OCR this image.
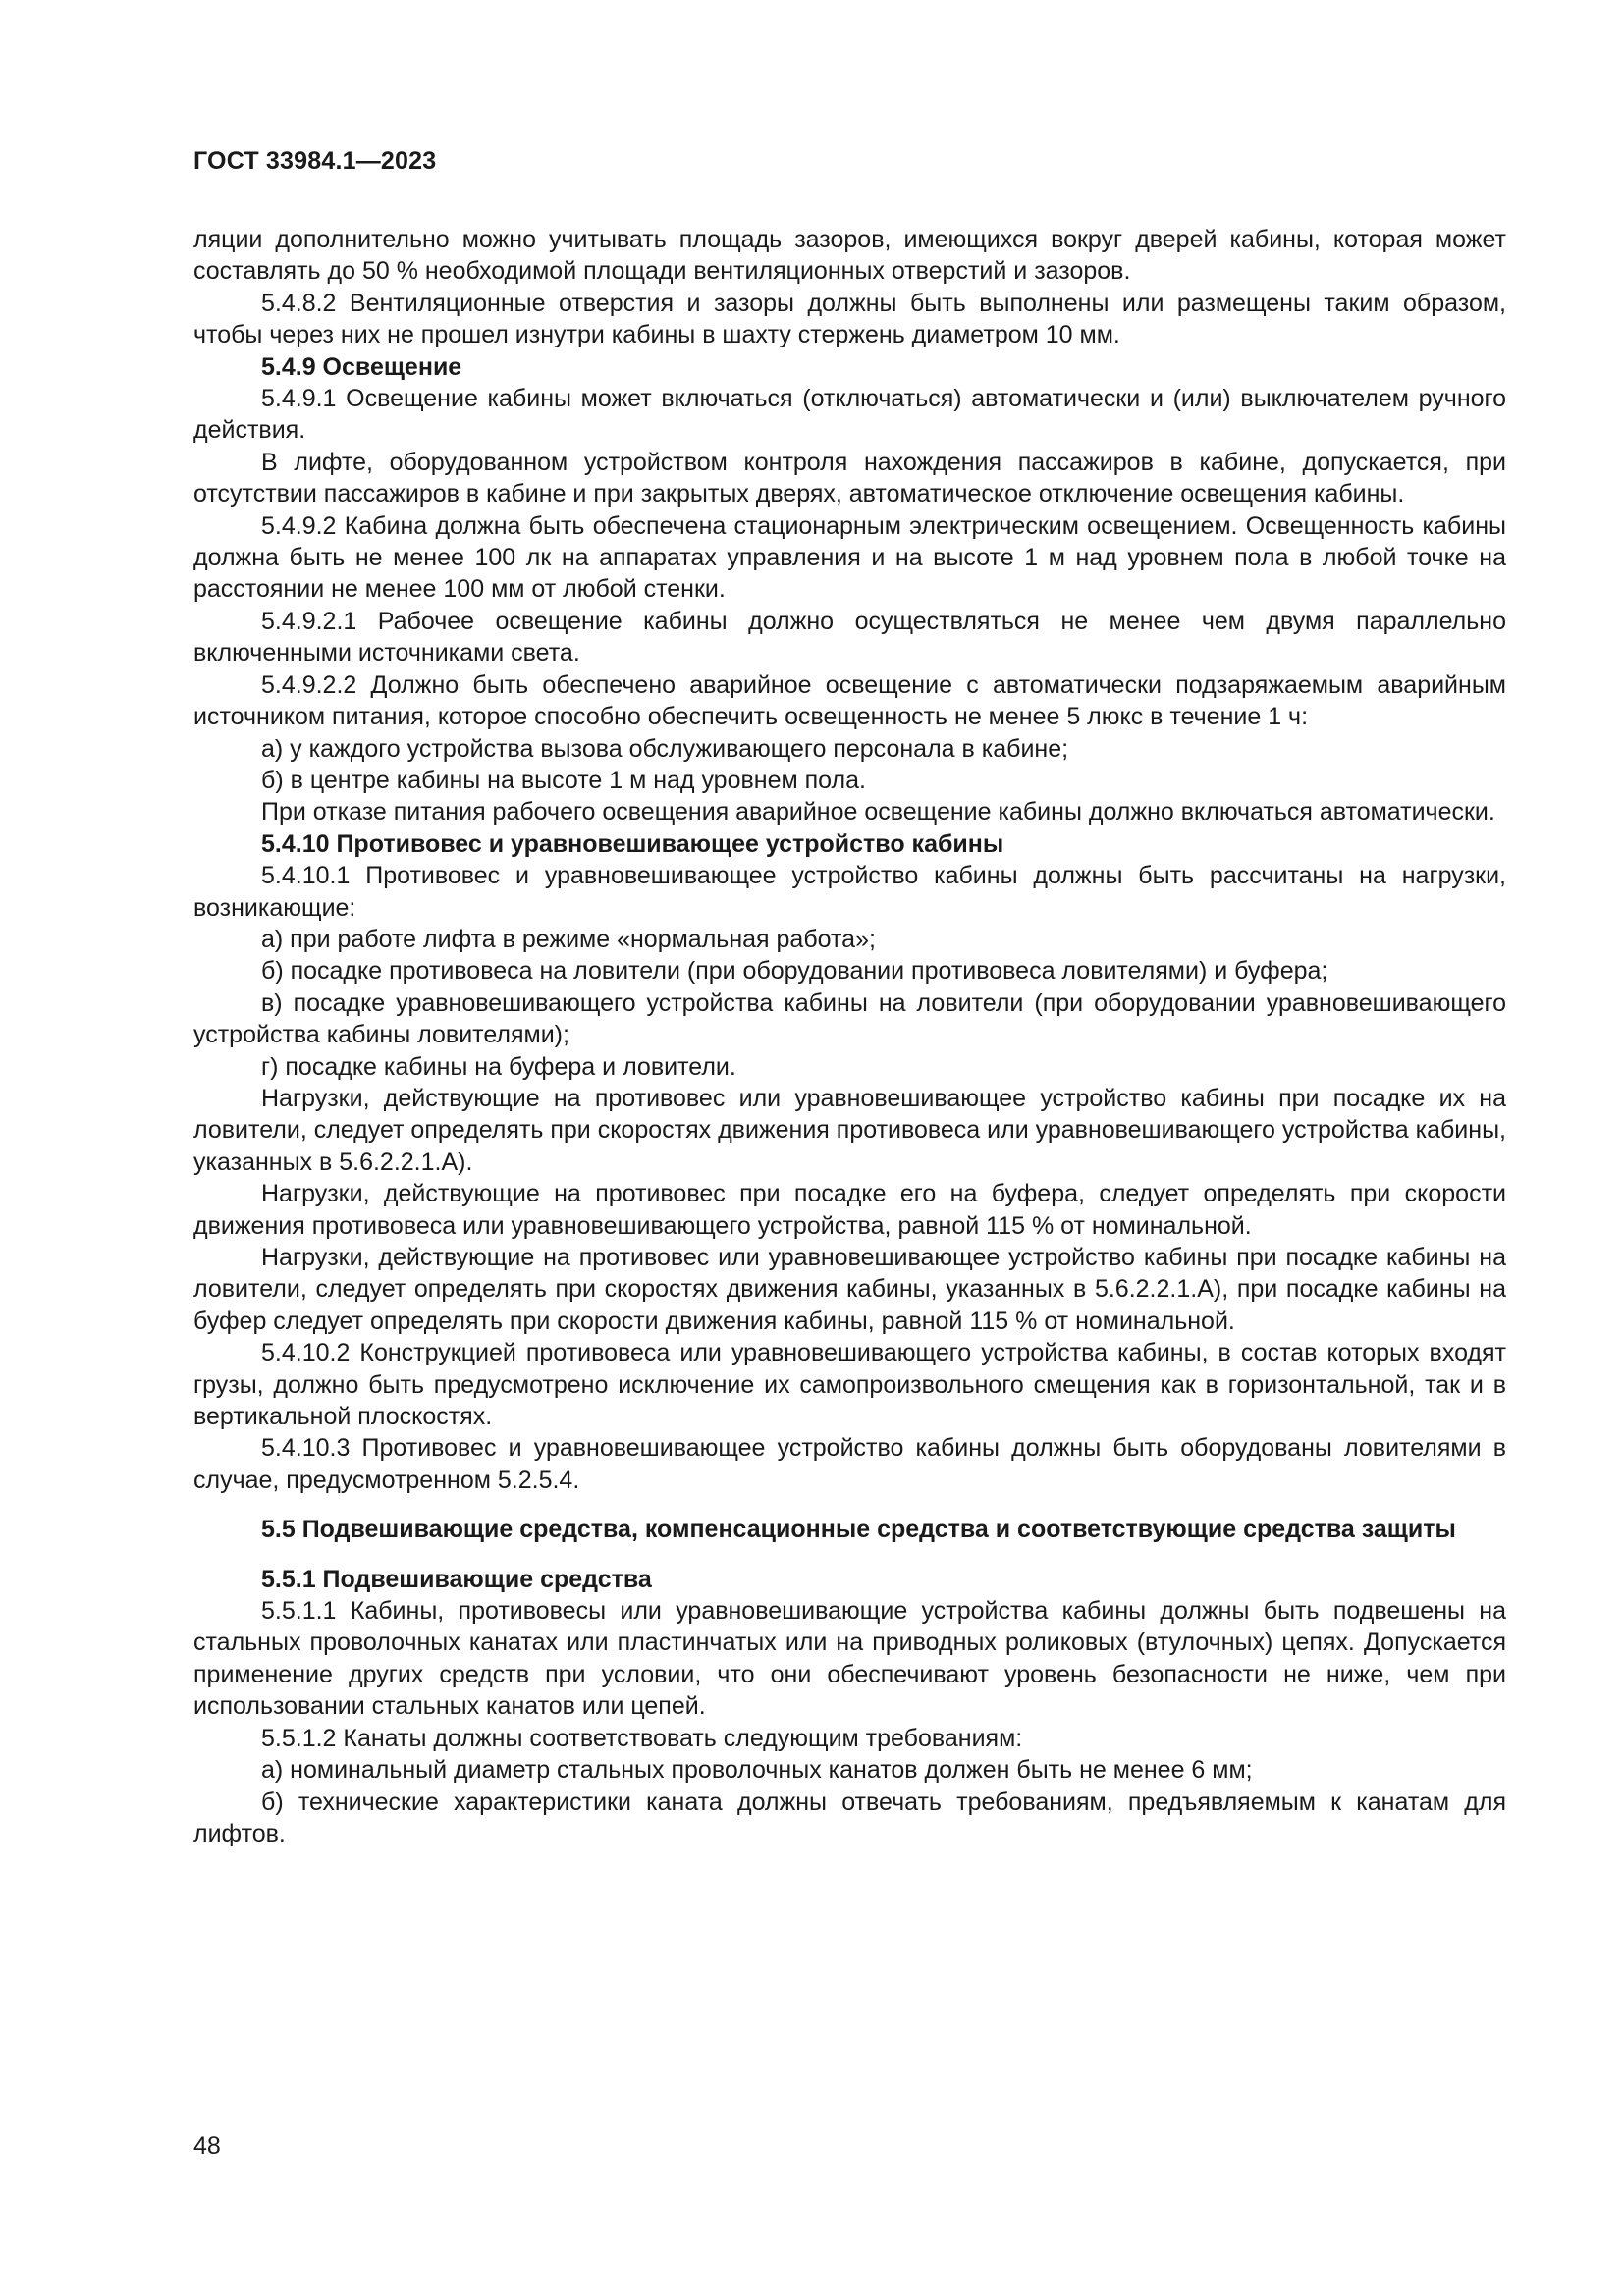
ГОСТ 33984.1—2023

ляции дополнительно можно учитывать площадь зазоров, имеющихся вокруг дверей кабины, которая может составлять до 50 % необходимой площади вентиляционных отверстий и зазоров.

5.4.8.2 Вентиляционные отверстия и зазоры должны быть выполнены или размещены таким образом, чтобы через них не прошел изнутри кабины в шахту стержень диаметром 10 мм.

5.4.9 Освещение

5.4.9.1 Освещение кабины может включаться (отключаться) автоматически и (или) выключателем ручного действия.

В лифте, оборудованном устройством контроля нахождения пассажиров в кабине, допускается, при отсутствии пассажиров в кабине и при закрытых дверях, автоматическое отключение освещения кабины.

5.4.9.2 Кабина должна быть обеспечена стационарным электрическим освещением. Освещенность кабины должна быть не менее 100 лк на аппаратах управления и на высоте 1 м над уровнем пола в любой точке на расстоянии не менее 100 мм от любой стенки.

5.4.9.2.1 Рабочее освещение кабины должно осуществляться не менее чем двумя параллельно включенными источниками света.

5.4.9.2.2 Должно быть обеспечено аварийное освещение с автоматически подзаряжаемым аварийным источником питания, которое способно обеспечить освещенность не менее 5 люкс в течение 1 ч:

а) у каждого устройства вызова обслуживающего персонала в кабине;

б) в центре кабины на высоте 1 м над уровнем пола.

При отказе питания рабочего освещения аварийное освещение кабины должно включаться автоматически.

5.4.10 Противовес и уравновешивающее устройство кабины

5.4.10.1 Противовес и уравновешивающее устройство кабины должны быть рассчитаны на нагрузки, возникающие:

а) при работе лифта в режиме «нормальная работа»;

б) посадке противовеса на ловители (при оборудовании противовеса ловителями) и буфера;

в) посадке уравновешивающего устройства кабины на ловители (при оборудовании уравновешивающего устройства кабины ловителями);

г) посадке кабины на буфера и ловители.

Нагрузки, действующие на противовес или уравновешивающее устройство кабины при посадке их на ловители, следует определять при скоростях движения противовеса или уравновешивающего устройства кабины, указанных в 5.6.2.2.1.А).

Нагрузки, действующие на противовес при посадке его на буфера, следует определять при скорости движения противовеса или уравновешивающего устройства, равной 115 % от номинальной.

Нагрузки, действующие на противовес или уравновешивающее устройство кабины при посадке кабины на ловители, следует определять при скоростях движения кабины, указанных в 5.6.2.2.1.А), при посадке кабины на буфер следует определять при скорости движения кабины, равной 115 % от номинальной.

5.4.10.2 Конструкцией противовеса или уравновешивающего устройства кабины, в состав которых входят грузы, должно быть предусмотрено исключение их самопроизвольного смещения как в горизонтальной, так и в вертикальной плоскостях.

5.4.10.3 Противовес и уравновешивающее устройство кабины должны быть оборудованы ловителями в случае, предусмотренном 5.2.5.4.

5.5 Подвешивающие средства, компенсационные средства и соответствующие средства защиты

5.5.1 Подвешивающие средства

5.5.1.1 Кабины, противовесы или уравновешивающие устройства кабины должны быть подвешены на стальных проволочных канатах или пластинчатых или на приводных роликовых (втулочных) цепях. Допускается применение других средств при условии, что они обеспечивают уровень безопасности не ниже, чем при использовании стальных канатов или цепей.

5.5.1.2 Канаты должны соответствовать следующим требованиям:

а) номинальный диаметр стальных проволочных канатов должен быть не менее 6 мм;

б) технические характеристики каната должны отвечать требованиям, предъявляемым к канатам для лифтов.

48
